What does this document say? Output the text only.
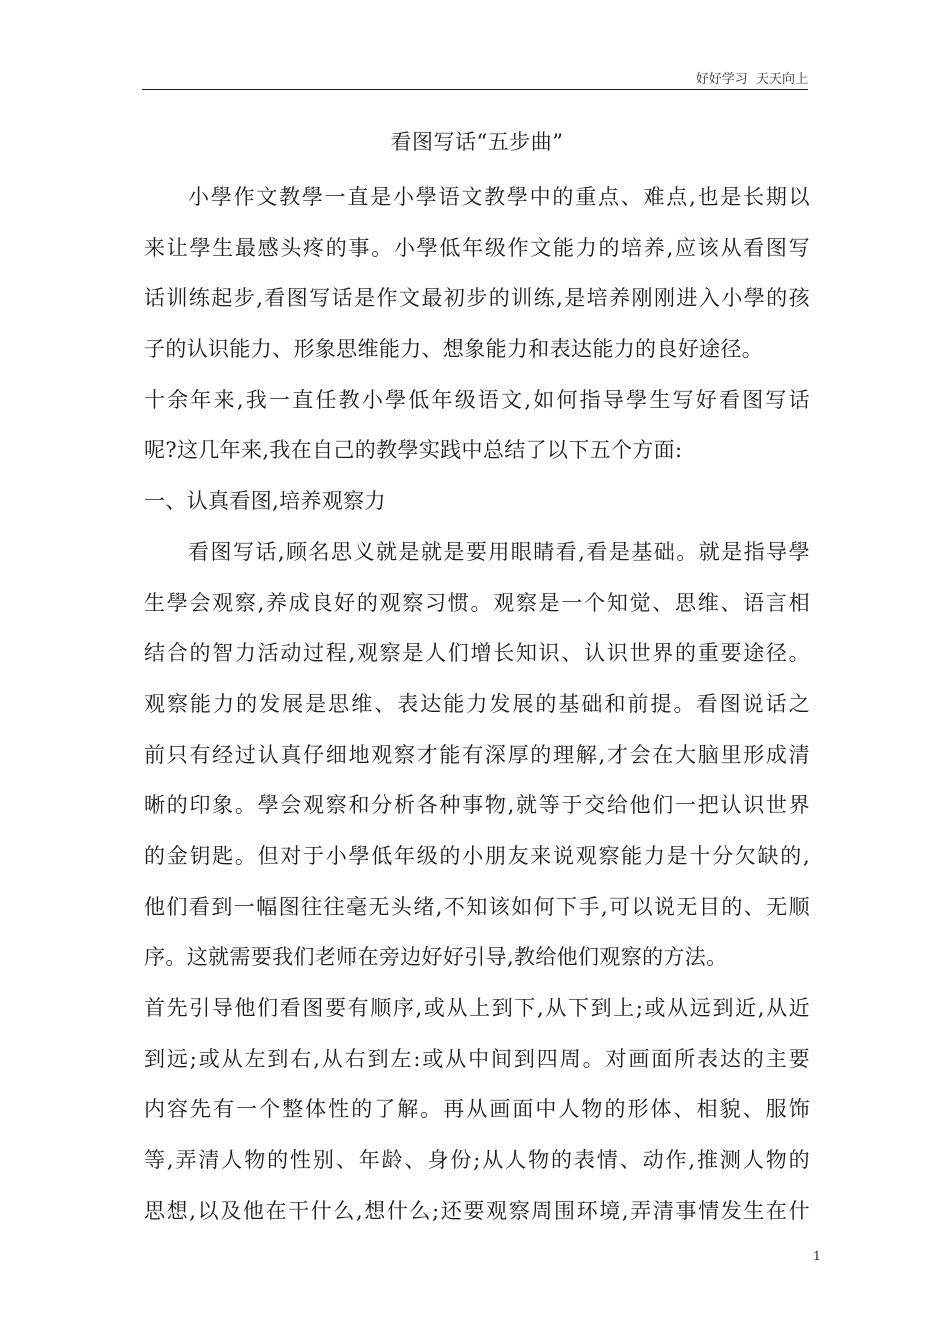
好好学习  天天向上
看图写话“五步曲”
小學作文教學一直是小學语文教學中的重点、难点,也是长期以
来让學生最感头疼的事。小學低年级作文能力的培养,应该从看图写
话训练起步,看图写话是作文最初步的训练,是培养刚刚进入小學的孩
子的认识能力、形象思维能力、想象能力和表达能力的良好途径。
十余年来,我一直任教小學低年级语文,如何指导學生写好看图写话
呢?这几年来,我在自己的教學实践中总结了以下五个方面:
一、认真看图,培养观察力
看图写话,顾名思义就是就是要用眼睛看,看是基础。就是指导學
生學会观察,养成良好的观察习惯。观察是一个知觉、思维、语言相
结合的智力活动过程,观察是人们增长知识、认识世界的重要途径。
观察能力的发展是思维、表达能力发展的基础和前提。看图说话之
前只有经过认真仔细地观察才能有深厚的理解,才会在大脑里形成清
晰的印象。學会观察和分析各种事物,就等于交给他们一把认识世界
的金钥匙。但对于小學低年级的小朋友来说观察能力是十分欠缺的,
他们看到一幅图往往毫无头绪,不知该如何下手,可以说无目的、无顺
序。这就需要我们老师在旁边好好引导,教给他们观察的方法。
首先引导他们看图要有顺序,或从上到下,从下到上;或从远到近,从近
到远;或从左到右,从右到左:或从中间到四周。对画面所表达的主要
内容先有一个整体性的了解。再从画面中人物的形体、相貌、服饰
等,弄清人物的性别、年龄、身份;从人物的表情、动作,推测人物的
思想,以及他在干什么,想什么;还要观察周围环境,弄清事情发生在什
1
